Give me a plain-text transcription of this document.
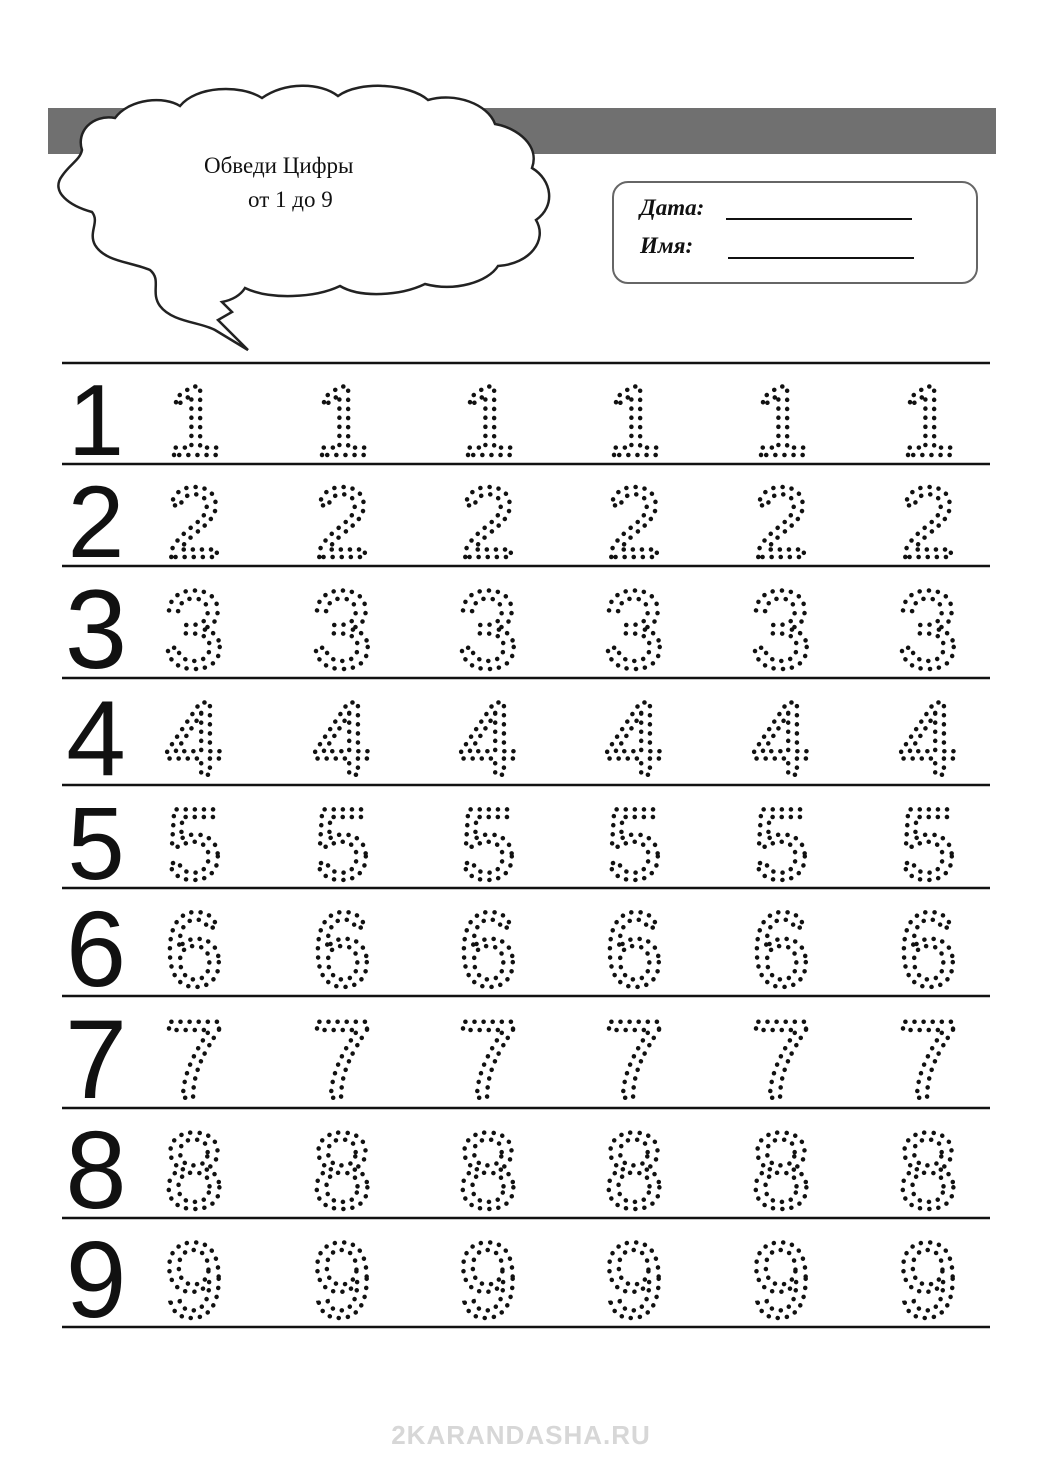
Обведи Цифры
от 1 до 9	Дата:
Имя:
1 1 1 1 1 1 1
2 2 2 2 2 2 2
3 3 3 3 3 3 3
4 4 4 4 4 4 4
5 5 5 5 5 5 5
6 6 6 6 6 6 6
7 7 7 7 7 7 7
8 8 8 8 8 8 8
9 9 9 9 9 9 9
2KARANDASHA.RU
